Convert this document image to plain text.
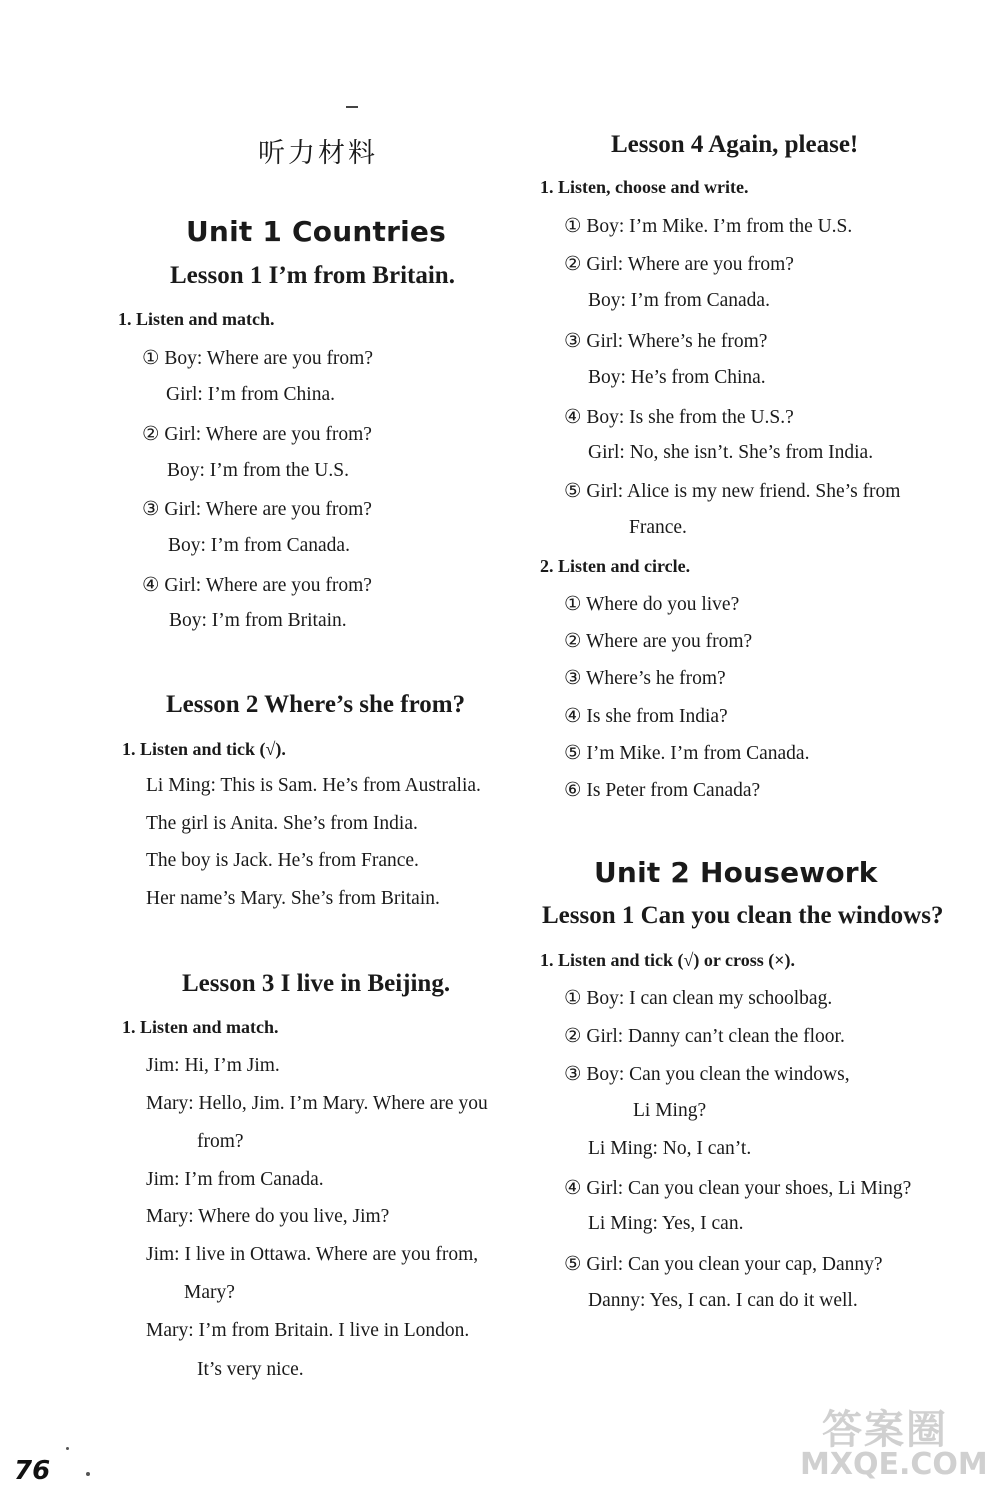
听力材料
Unit 1 Countries
Lesson 1 I’m from Britain.
1. Listen and match.
① Boy: Where are you from?
Girl: I’m from China.
② Girl: Where are you from?
Boy: I’m from the U.S.
③ Girl: Where are you from?
Boy: I’m from Canada.
④ Girl: Where are you from?
Boy: I’m from Britain.
Lesson 2 Where’s she from?
1. Listen and tick (√).
Li Ming: This is Sam. He’s from Australia.
The girl is Anita. She’s from India.
The boy is Jack. He’s from France.
Her name’s Mary. She’s from Britain.
Lesson 3 I live in Beijing.
1. Listen and match.
Jim: Hi, I’m Jim.
Mary: Hello, Jim. I’m Mary. Where are you
from?
Jim: I’m from Canada.
Mary: Where do you live, Jim?
Jim: I live in Ottawa. Where are you from,
Mary?
Mary: I’m from Britain. I live in London.
It’s very nice.
Lesson 4 Again, please!
1. Listen, choose and write.
① Boy: I’m Mike. I’m from the U.S.
② Girl: Where are you from?
Boy: I’m from Canada.
③ Girl: Where’s he from?
Boy: He’s from China.
④ Boy: Is she from the U.S.?
Girl: No, she isn’t. She’s from India.
⑤ Girl: Alice is my new friend. She’s from
France.
2. Listen and circle.
① Where do you live?
② Where are you from?
③ Where’s he from?
④ Is she from India?
⑤ I’m Mike. I’m from Canada.
⑥ Is Peter from Canada?
Unit 2 Housework
Lesson 1 Can you clean the windows?
1. Listen and tick (√) or cross (×).
① Boy: I can clean my schoolbag.
② Girl: Danny can’t clean the floor.
③ Boy: Can you clean the windows,
Li Ming?
Li Ming: No, I can’t.
④ Girl: Can you clean your shoes, Li Ming?
Li Ming: Yes, I can.
⑤ Girl: Can you clean your cap, Danny?
Danny: Yes, I can. I can do it well.
76
答案圈
MXQE.COM
